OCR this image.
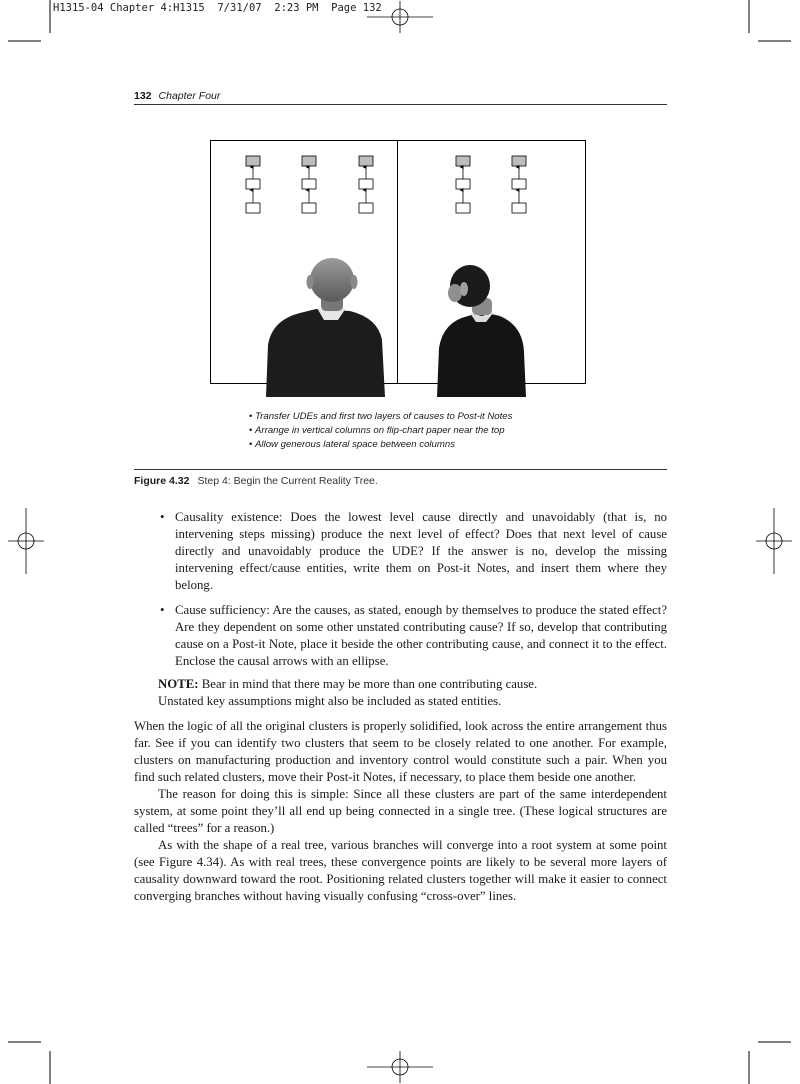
H1315-04 Chapter 4:H1315  7/31/07  2:23 PM  Page 132
132 Chapter Four
• Transfer UDEs and first two layers of causes to Post-it Notes
• Arrange in vertical columns on flip-chart paper near the top
• Allow generous lateral space between columns
Figure 4.32 Step 4: Begin the Current Reality Tree.
• Causality existence: Does the lowest level cause directly and unavoidably (that is, no intervening steps missing) produce the next level of effect? Does that next level of cause directly and unavoidably produce the UDE? If the answer is no, develop the missing intervening effect/cause entities, write them on Post-it Notes, and insert them where they belong.
• Cause sufficiency: Are the causes, as stated, enough by themselves to produce the stated effect? Are they dependent on some other unstated contributing cause? If so, develop that contributing cause on a Post-it Note, place it beside the other contributing cause, and connect it to the effect. Enclose the causal arrows with an ellipse.
NOTE: Bear in mind that there may be more than one contributing cause.
Unstated key assumptions might also be included as stated entities.

When the logic of all the original clusters is properly solidified, look across the entire arrangement thus far. See if you can identify two clusters that seem to be closely related to one another. For example, clusters on manufacturing production and inventory control would constitute such a pair. When you find such related clusters, move their Post-it Notes, if necessary, to place them beside one another.

The reason for doing this is simple: Since all these clusters are part of the same interdependent system, at some point they’ll all end up being connected in a single tree. (These logical structures are called “trees” for a reason.)

As with the shape of a real tree, various branches will converge into a root system at some point (see Figure 4.34). As with real trees, these convergence points are likely to be several more layers of causality downward toward the root. Positioning related clusters together will make it easier to connect converging branches without having visually confusing “cross-over” lines.
